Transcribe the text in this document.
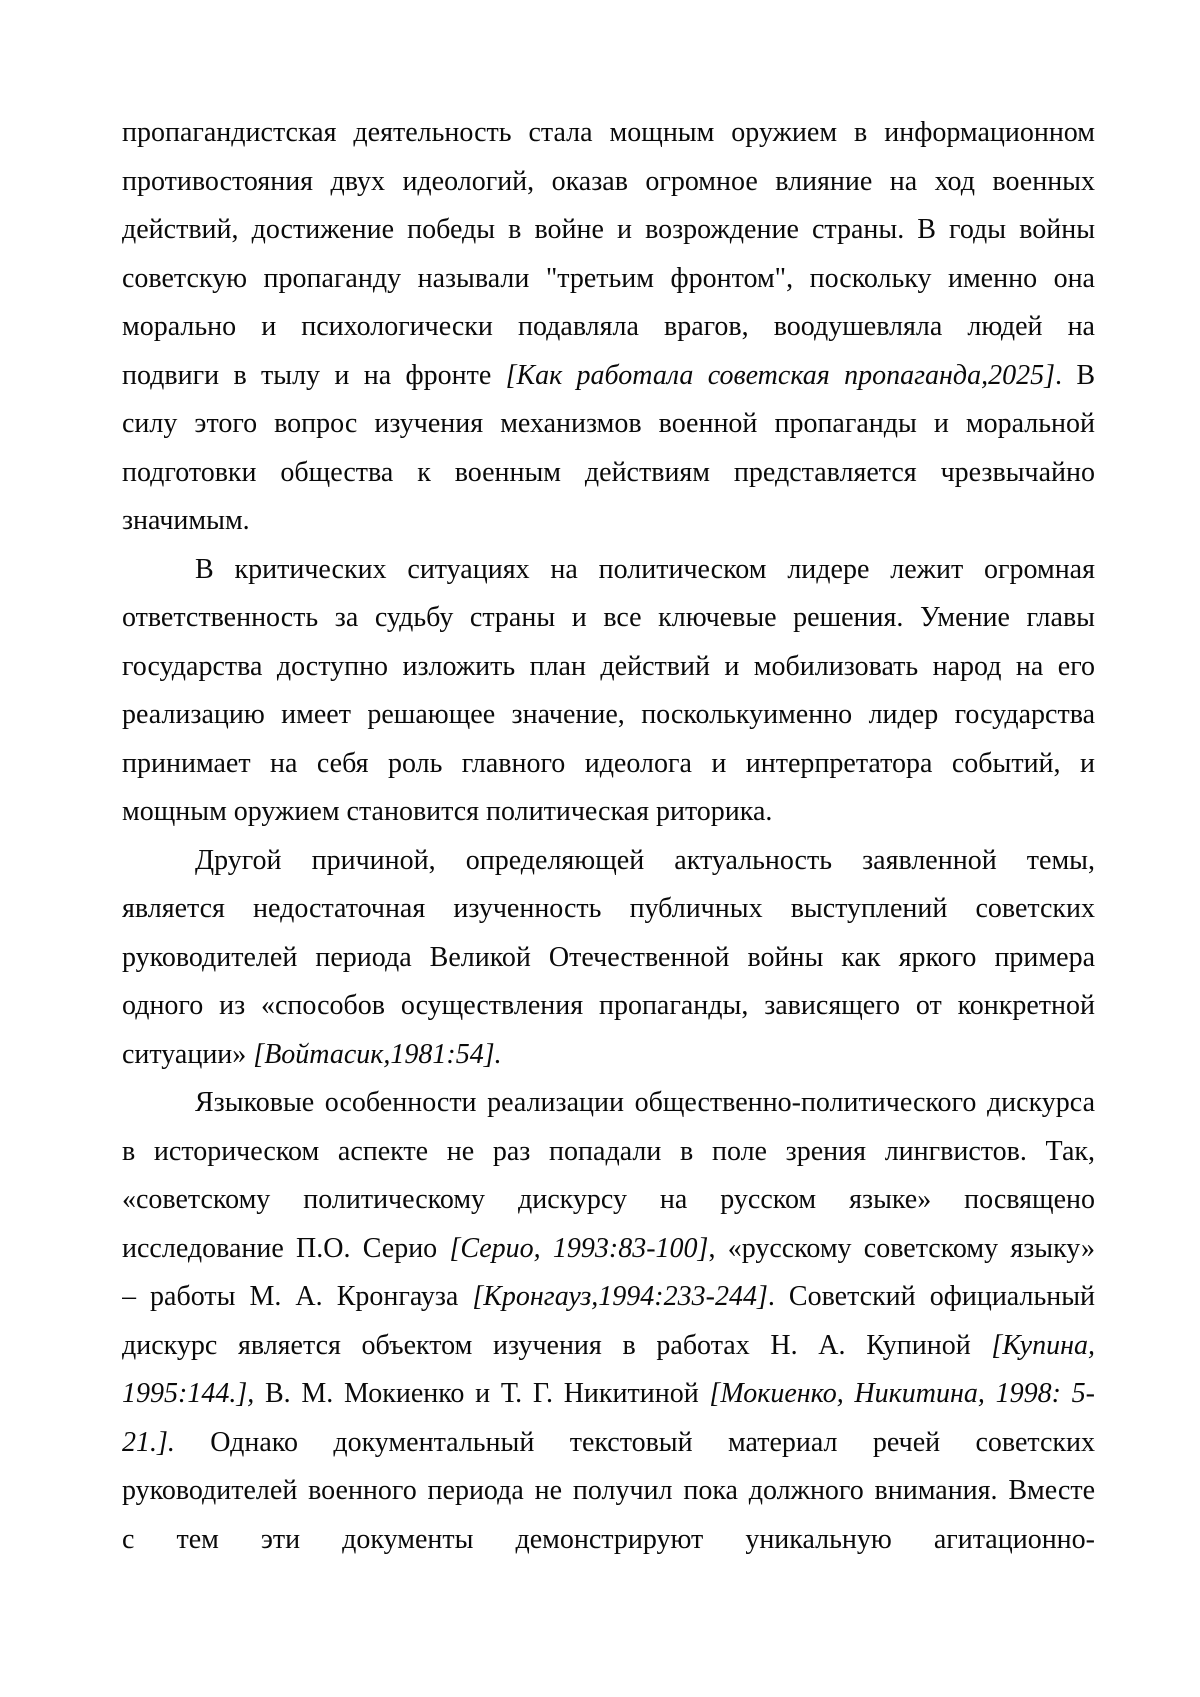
пропагандистская деятельность стала мощным оружием в информационном
противостояния двух идеологий, оказав огромное влияние на ход военных
действий, достижение победы в войне и возрождение страны. В годы войны
советскую пропаганду называли "третьим фронтом", поскольку именно она
морально и психологически подавляла врагов, воодушевляла людей на
подвиги в тылу и на фронте [Как работала советская пропаганда,2025]. В
силу этого вопрос изучения механизмов военной пропаганды и моральной
подготовки общества к военным действиям представляется чрезвычайно
значимым.
В критических ситуациях на политическом лидере лежит огромная
ответственность за судьбу страны и все ключевые решения. Умение главы
государства доступно изложить план действий и мобилизовать народ на его
реализацию имеет решающее значение, посколькуименно лидер государства
принимает на себя роль главного идеолога и интерпретатора событий, и
мощным оружием становится политическая риторика.
Другой причиной, определяющей актуальность заявленной темы,
является недостаточная изученность публичных выступлений советских
руководителей периода Великой Отечественной войны как яркого примера
одного из «способов осуществления пропаганды, зависящего от конкретной
ситуации» [Войтасик,1981:54].
Языковые особенности реализации общественно-политического дискурса
в историческом аспекте не раз попадали в поле зрения лингвистов. Так,
«советскому политическому дискурсу на русском языке» посвящено
исследование П.О. Серио [Серио, 1993:83-100], «русскому советскому языку»
– работы М. А. Кронгауза [Кронгауз,1994:233-244]. Советский официальный
дискурс является объектом изучения в работах Н. А. Купиной [Купина,
1995:144.], В. М. Мокиенко и Т. Г. Никитиной [Мокиенко, Никитина, 1998: 5-
21.]. Однако документальный текстовый материал речей советских
руководителей военного периода не получил пока должного внимания. Вместе
с тем эти документы демонстрируют уникальную агитационно-
